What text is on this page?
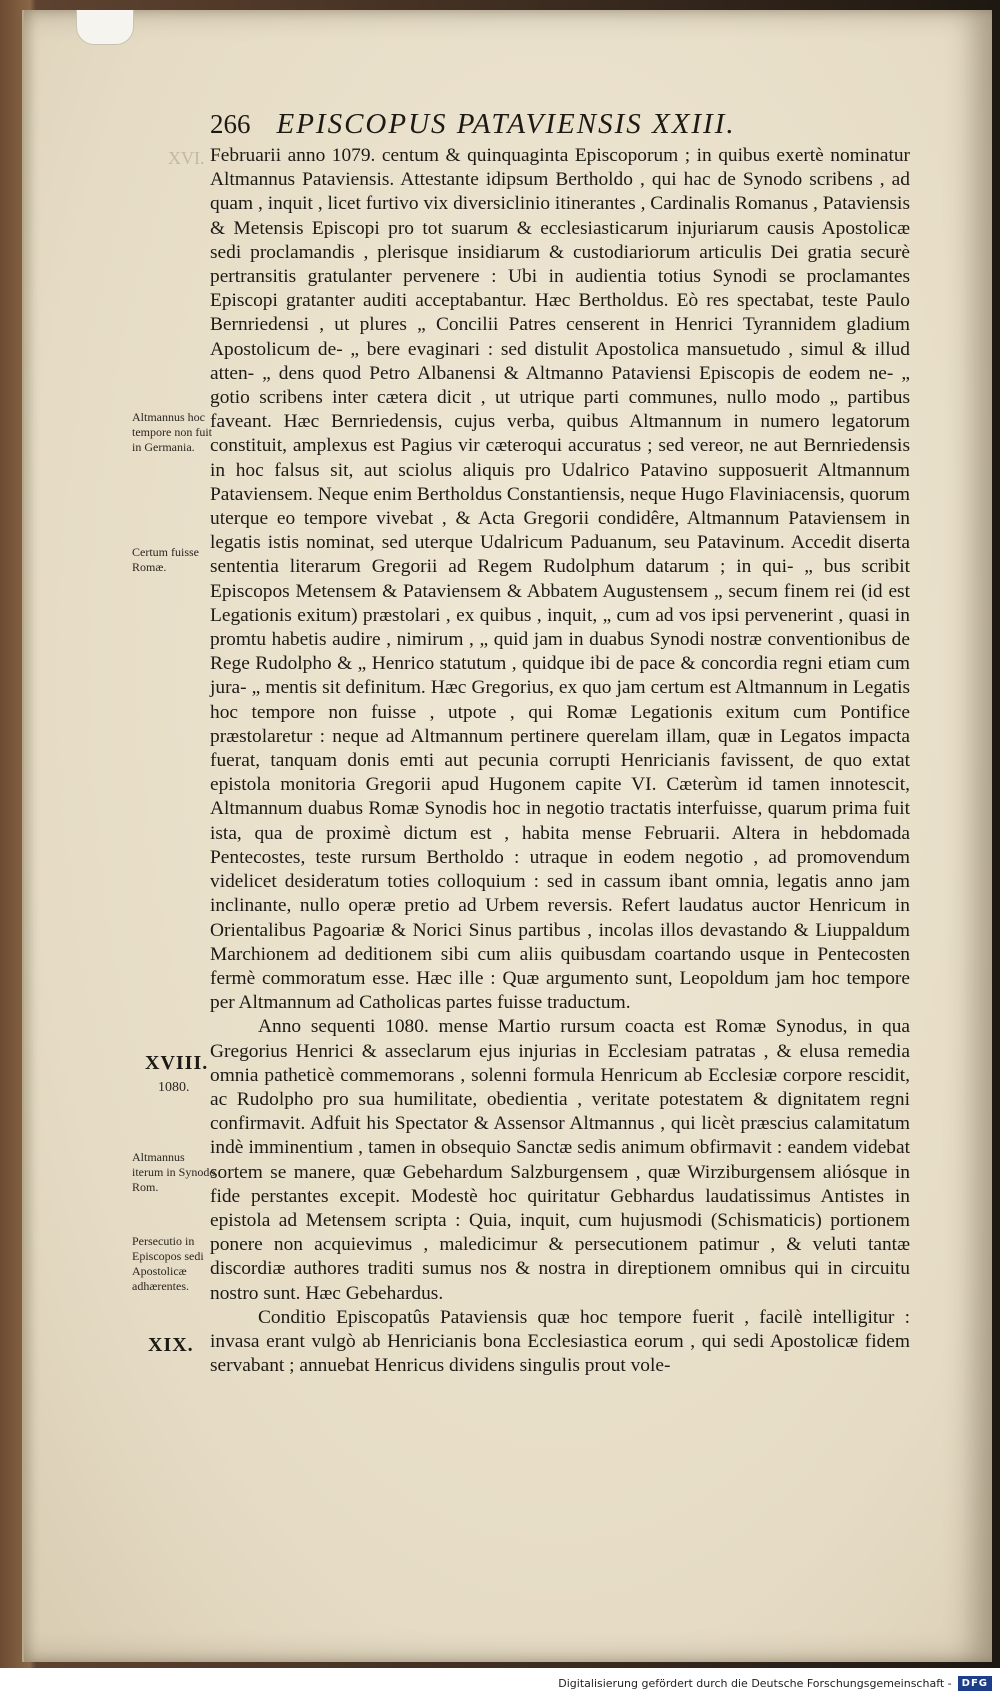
266 EPISCOPUS PATAVIENSIS XXIII.
XVI. Februarii anno 1079. centum & quinquaginta Episcoporum ; in quibus exertè nominatur Altmannus Pataviensis. Attestante idipsum Bertholdo , qui hac de Synodo scribens , ad quam , inquit , licet furtivo vix diversiclinio itinerantes , Cardinalis Romanus , Pataviensis & Metensis Episcopi pro tot suarum & ecclesiasticarum injuriarum causis Apostolicæ sedi proclamandis , plerisque insidiarum & custodiariorum articulis Dei gratia securè pertransitis gratulanter pervenere : Ubi in audientia totius Synodi se proclamantes Episcopi gratanter auditi acceptabantur. Hæc Bertholdus. Eò res spectabat, teste Paulo Bernriedensi , ut plures „ Concilii Patres censerent in Henrici Tyrannidem gladium Apostolicum de- „ bere evaginari : sed distulit Apostolica mansuetudo , simul & illud atten- „ dens quod Petro Albanensi & Altmanno Pataviensi Episcopis de eodem ne- „ gotio scribens inter cætera dicit , ut utrique parti communes, nullo modo „ partibus faveant. Hæc Bernriedensis, cujus verba, quibus Altmannum in numero legatorum constituit, amplexus est Pagius vir cæteroqui accuratus ; sed vereor, ne aut Bernriedensis in hoc falsus sit, aut sciolus aliquis pro Udalrico Patavino supposuerit Altmannum Pataviensem. Neque enim Bertholdus Constantiensis, neque Hugo Flaviniacensis, quorum uterque eo tempore vivebat , & Acta Gregorii condidêre, Altmannum Pataviensem in legatis istis nominat, sed uterque Udalricum Paduanum, seu Patavinum. Accedit diserta sententia literarum Gregorii ad Regem Rudolphum datarum ; in qui- „ bus scribit Episcopos Metensem & Pataviensem & Abbatem Augustensem „ secum finem rei (id est Legationis exitum) præstolari , ex quibus , inquit, „ cum ad vos ipsi pervenerint , quasi in promtu habetis audire , nimirum , „ quid jam in duabus Synodi nostræ conventionibus de Rege Rudolpho & „ Henrico statutum , quidque ibi de pace & concordia regni etiam cum jura- „ mentis sit definitum. Hæc Gregorius, ex quo jam certum est Altmannum in Legatis hoc tempore non fuisse , utpote , qui Romæ Legationis exitum cum Pontifice præstolaretur : neque ad Altmannum pertinere querelam illam, quæ in Legatos impacta fuerat, tanquam donis emti aut pecunia corrupti Henricianis favissent, de quo extat epistola monitoria Gregorii apud Hugonem capite VI. Cæterùm id tamen innotescit, Altmannum duabus Romæ Synodis hoc in negotio tractatis interfuisse, quarum prima fuit ista, qua de proximè dictum est , habita mense Februarii. Altera in hebdomada Pentecostes, teste rursum Bertholdo : utraque in eodem negotio , ad promovendum videlicet desideratum toties colloquium : sed in cassum ibant omnia, legatis anno jam inclinante, nullo operæ pretio ad Urbem reversis. Refert laudatus auctor Henricum in Orientalibus Pagoariæ & Norici Sinus partibus , incolas illos devastando & Liuppaldum Marchionem ad deditionem sibi cum aliis quibusdam coartando usque in Pentecosten fermè commoratum esse. Hæc ille : Quæ argumento sunt, Leopoldum jam hoc tempore per Altmannum ad Catholicas partes fuisse traductum.

Anno sequenti 1080. mense Martio rursum coacta est Romæ Synodus, in qua Gregorius Henrici & asseclarum ejus injurias in Ecclesiam patratas , & elusa remedia omnia patheticè commemorans , solenni formula Henricum ab Ecclesiæ corpore rescidit, ac Rudolpho pro sua humilitate, obedientia , veritate potestatem & dignitatem regni confirmavit. Adfuit his Spectator & Assensor Altmannus , qui licèt præscius calamitatum indè imminentium , tamen in obsequio Sanctæ sedis animum obfirmavit : eandem videbat sortem se manere, quæ Gebehardum Salzburgensem , quæ Wirziburgensem aliósque in fide perstantes excepit. Modestè hoc quiritatur Gebhardus laudatissimus Antistes in epistola ad Metensem scripta : Quia, inquit, cum hujusmodi (Schismaticis) portionem ponere non acquievimus , maledicimur & persecutionem patimur , & veluti tantæ discordiæ authores traditi sumus nos & nostra in direptionem omnibus qui in circuitu nostro sunt. Hæc Gebehardus.

Conditio Episcopatûs Pataviensis quæ hoc tempore fuerit , facilè intelligitur : invasa erant vulgò ab Henricianis bona Ecclesiastica eorum , qui sedi Apostolicæ fidem servabant ; annuebat Henricus dividens singulis prout vole-

Altmannus hoc tempore non fuit in Germania.
Certum fuisse Romæ.
XVIII.
1080.
Altmannus iterum in Synodo Rom.
Persecutio in Episcopos sedi Apostolicæ adhærentes.
XIX.
Digitalisierung gefördert durch die Deutsche Forschungsgemeinschaft -	DFG
